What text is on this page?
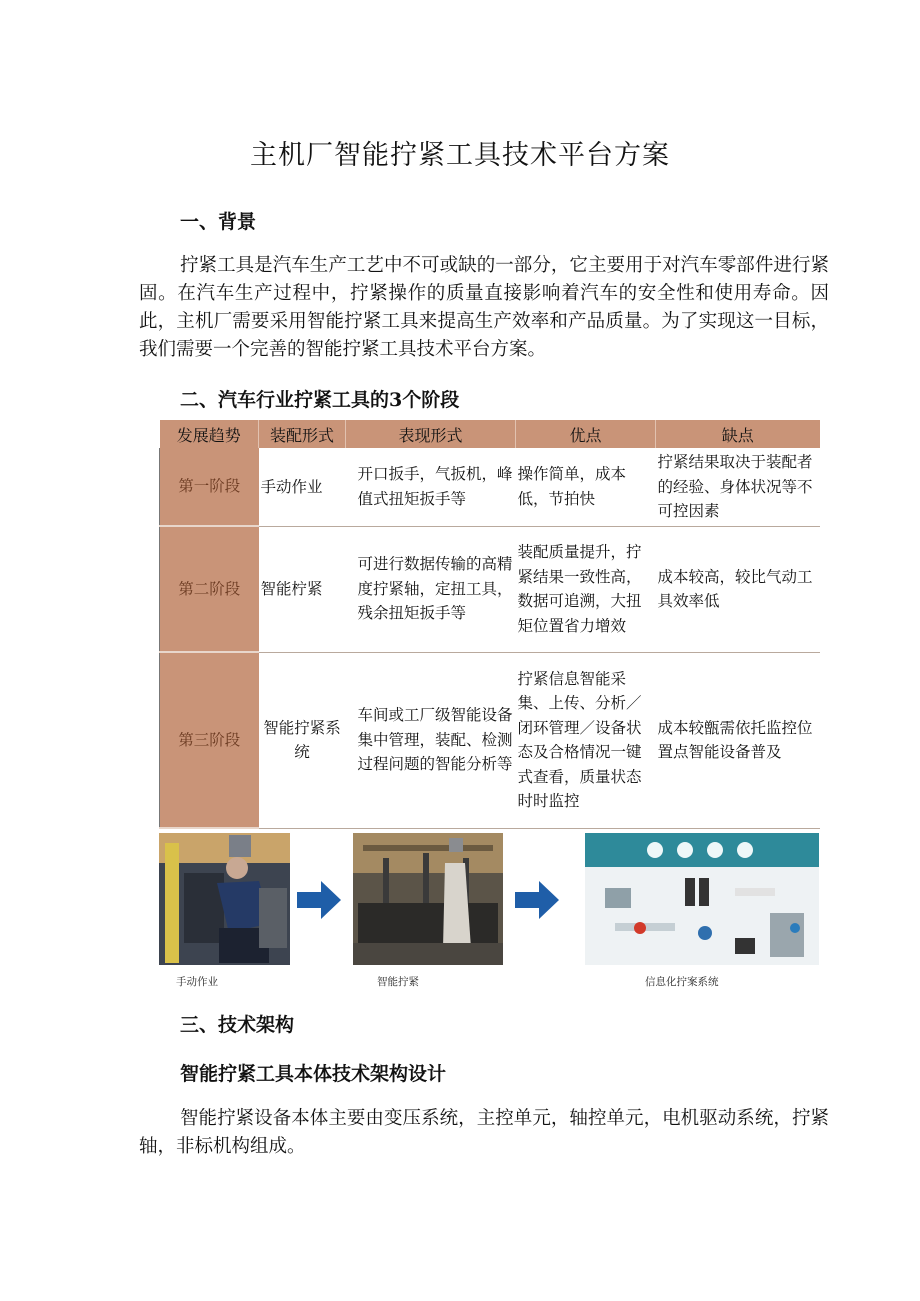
主机厂智能拧紧工具技术平台方案
一、背景
拧紧工具是汽车生产工艺中不可或缺的一部分，它主要用于对汽车零部件进行紧固。在汽车生产过程中，拧紧操作的质量直接影响着汽车的安全性和使用寿命。因此，主机厂需要采用智能拧紧工具来提高生产效率和产品质量。为了实现这一目标，我们需要一个完善的智能拧紧工具技术平台方案。
二、汽车行业拧紧工具的3个阶段
发展趋势	装配形式	表现形式	优点	缺点
第一阶段	手动作业	开口扳手，气扳机，峰值式扭矩扳手等	操作简单，成本低，节拍快	拧紧结果取决于装配者的经验、身体状况等不可控因素
第二阶段	智能柠紧	可进行数据传输的高精度拧紧轴，定扭工具，残余扭矩扳手等	装配质量提升，拧紧结果一致性高，数据可追溯，大扭矩位置省力增效	成本较高，较比气动工具效率低
第三阶段	智能拧紧系统	车间或工厂级智能设备集中管理，装配、检测过程问题的智能分析等	拧紧信息智能采集、上传、分析／闭环管理／设备状态及合格情况一键式查看，质量状态时时监控	成本较甑需依托监控位置点智能设备普及
手动作业	智能拧紧	信息化拧案系统
三、技术架构
智能拧紧工具本体技术架构设计
智能拧紧设备本体主要由变压系统，主控单元，轴控单元，电机驱动系统，拧紧轴，非标机构组成。
